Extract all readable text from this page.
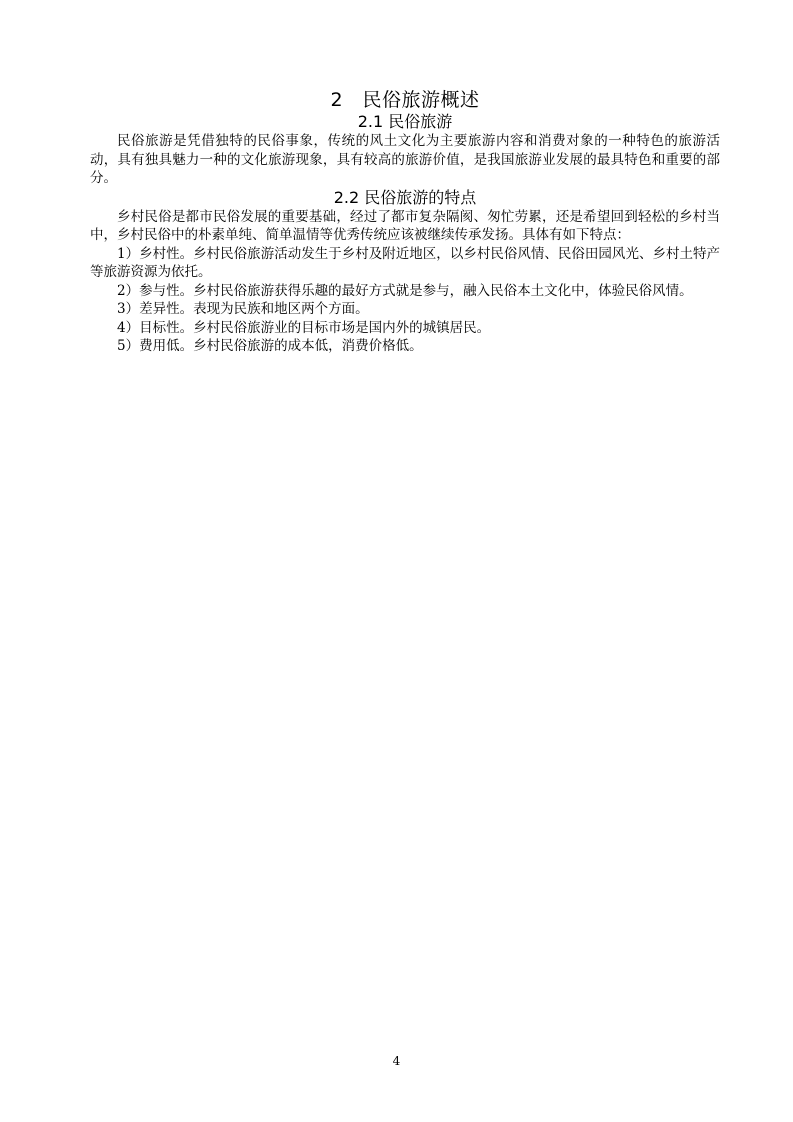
2　民俗旅游概述
2.1 民俗旅游

民俗旅游是凭借独特的民俗事象，传统的风土文化为主要旅游内容和消费对象的一种特色的旅游活动，具有独具魅力一种的文化旅游现象，具有较高的旅游价值，是我国旅游业发展的最具特色和重要的部分。

2.2 民俗旅游的特点

乡村民俗是都市民俗发展的重要基础，经过了都市复杂隔阂、匆忙劳累，还是希望回到轻松的乡村当中，乡村民俗中的朴素单纯、简单温情等优秀传统应该被继续传承发扬。具体有如下特点：

1）乡村性。乡村民俗旅游活动发生于乡村及附近地区，以乡村民俗风情、民俗田园风光、乡村土特产等旅游资源为依托。

2）参与性。乡村民俗旅游获得乐趣的最好方式就是参与，融入民俗本土文化中，体验民俗风情。

3）差异性。表现为民族和地区两个方面。

4）目标性。乡村民俗旅游业的目标市场是国内外的城镇居民。

5）费用低。乡村民俗旅游的成本低，消费价格低。

4
